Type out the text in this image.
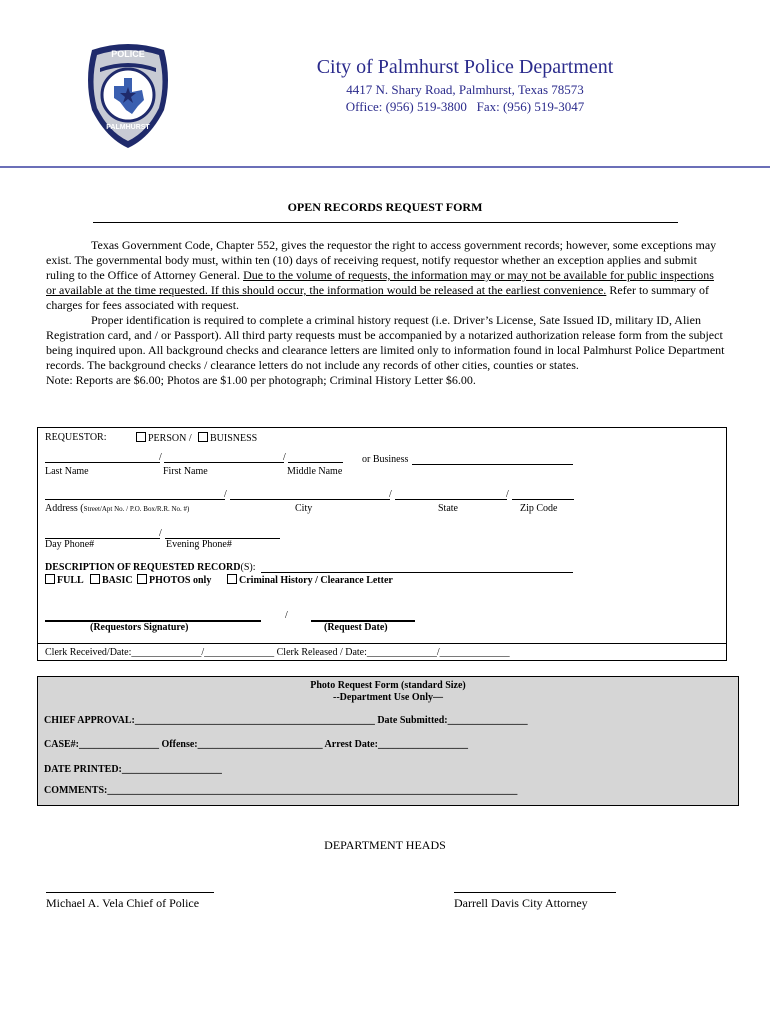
POLICE
PALMHURST
City of Palmhurst Police Department
4417 N. Shary Road, Palmhurst, Texas 78573
Office: (956) 519-3800   Fax: (956) 519-3047
OPEN RECORDS REQUEST FORM

Texas Government Code, Chapter 552, gives the requestor the right to access government records; however, some exceptions may exist. The governmental body must, within ten (10) days of receiving request, notify requestor whether an exception applies and submit ruling to the Office of Attorney General. Due to the volume of requests, the information may or may not be available for public inspections or available at the time requested. If this should occur, the information would be released at the earliest convenience. Refer to summary of charges for fees associated with request.

Proper identification is required to complete a criminal history request (i.e. Driver’s License, Sate Issued ID, military ID, Alien Registration card, and / or Passport). All third party requests must be accompanied by a notarized authorization release form from the subject being inquired upon. All background checks and clearance letters are limited only to information found in local Palmhurst Police Department records. The background checks / clearance letters do not include any records of other cities, counties or states.

Note: Reports are $6.00; Photos are $1.00 per photograph; Criminal History Letter $6.00.

REQUESTOR:	PERSON /	BUISNESS
/	/	or Business
Last Name	First Name	Middle Name
/	/	/
Address (Street/Apt No. / P.O. Box/R.R. No. #)	City	State	Zip Code
/
Day Phone#	Evening Phone#
DESCRIPTION OF REQUESTED RECORD(S):
FULL	BASIC	PHOTOS only	Criminal History / Clearance Letter
/
(Requestors Signature)	(Request Date)
Clerk Received/Date:______________/______________ Clerk Released / Date:______________/______________
Photo Request Form (standard Size)
--Department Use Only—
CHIEF APPROVAL:________________________________________________ Date Submitted:________________
CASE#:________________ Offense:_________________________ Arrest Date:__________________
DATE PRINTED:____________________
COMMENTS:__________________________________________________________________________________
DEPARTMENT HEADS
Michael A. Vela Chief of Police	Darrell Davis City Attorney
